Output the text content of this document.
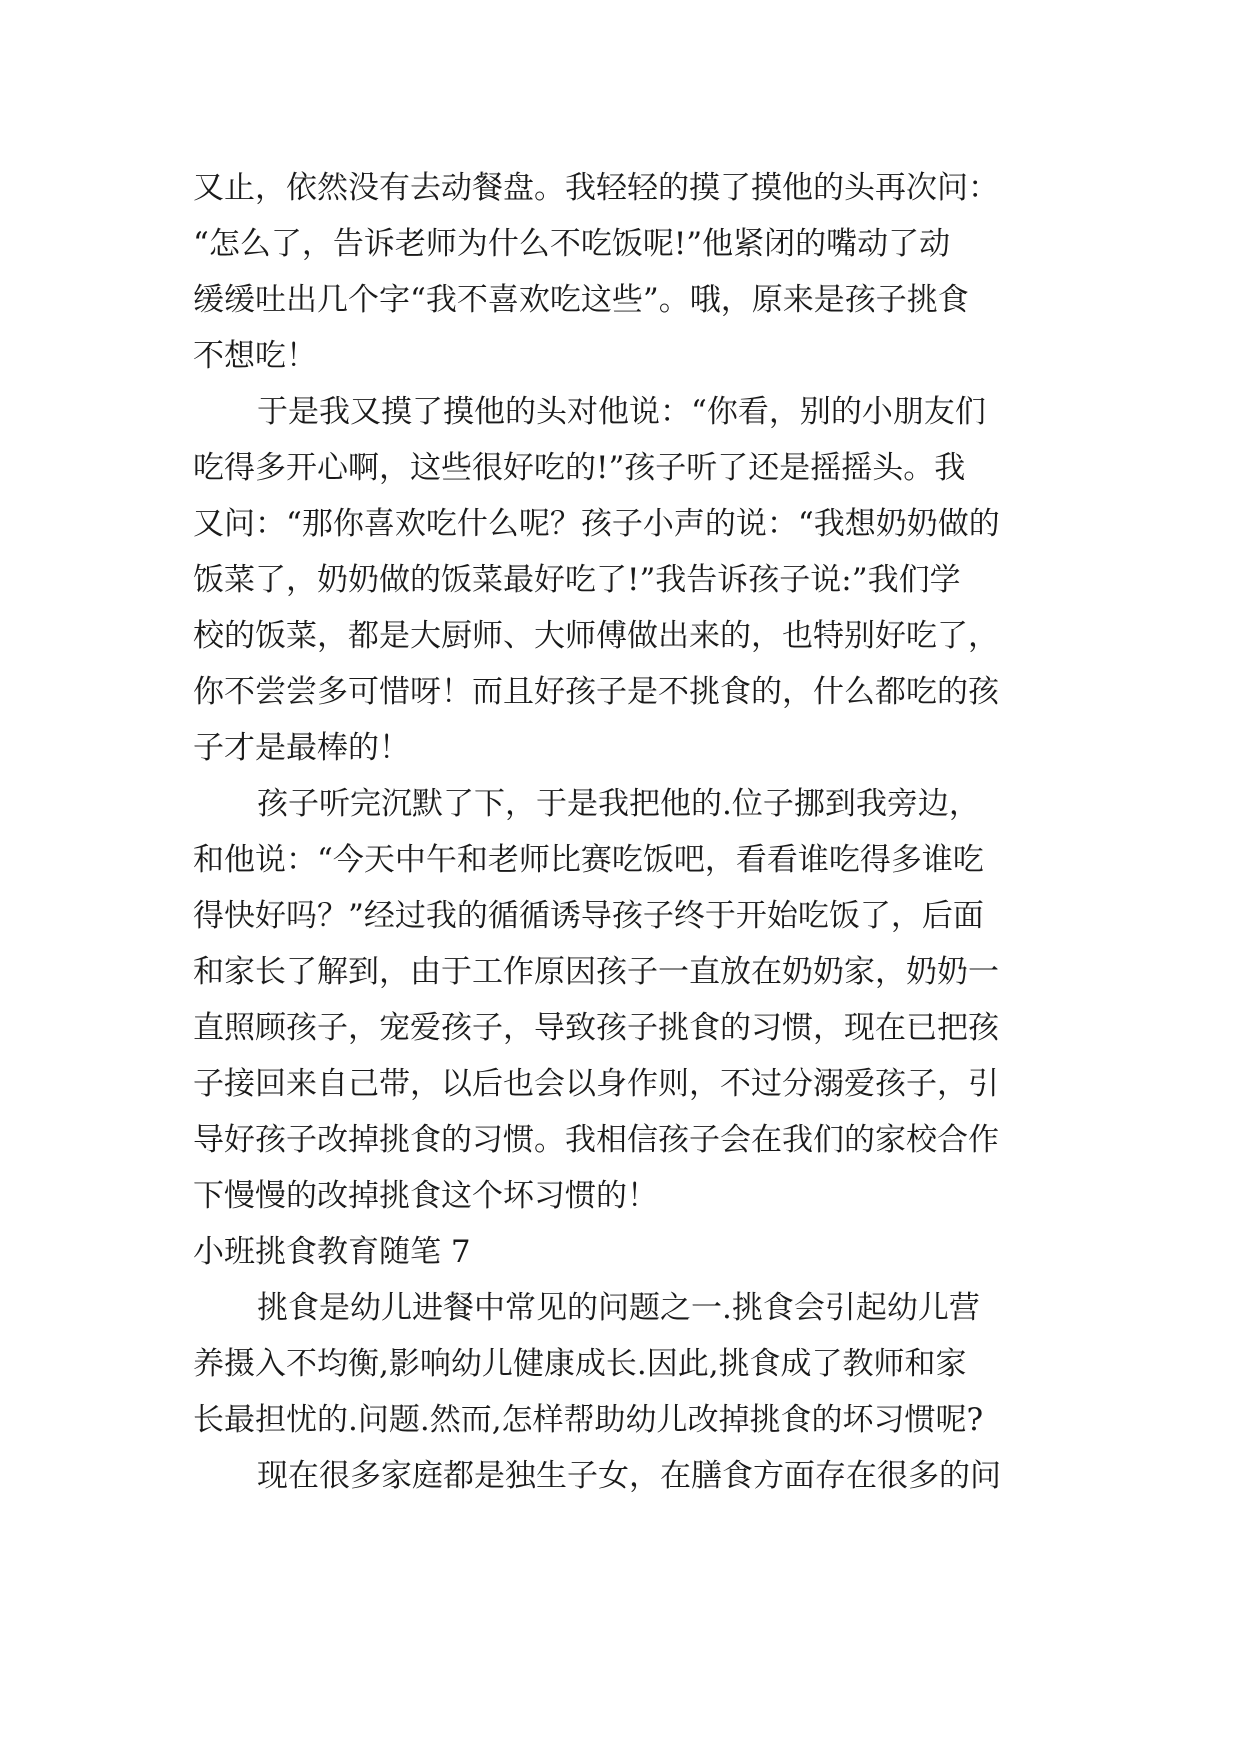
又止，依然没有去动餐盘。我轻轻的摸了摸他的头再次问：
“怎么了，告诉老师为什么不吃饭呢!”他紧闭的嘴动了动
缓缓吐出几个字“我不喜欢吃这些”。哦，原来是孩子挑食
不想吃！
于是我又摸了摸他的头对他说：“你看，别的小朋友们
吃得多开心啊，这些很好吃的!”孩子听了还是摇摇头。我
又问：“那你喜欢吃什么呢？孩子小声的说：“我想奶奶做的
饭菜了，奶奶做的饭菜最好吃了!”我告诉孩子说:”我们学
校的饭菜，都是大厨师、大师傅做出来的，也特别好吃了，
你不尝尝多可惜呀！而且好孩子是不挑食的，什么都吃的孩
子才是最棒的！
孩子听完沉默了下，于是我把他的.位子挪到我旁边，
和他说：“今天中午和老师比赛吃饭吧，看看谁吃得多谁吃
得快好吗？”经过我的循循诱导孩子终于开始吃饭了，后面
和家长了解到，由于工作原因孩子一直放在奶奶家，奶奶一
直照顾孩子，宠爱孩子，导致孩子挑食的习惯，现在已把孩
子接回来自己带，以后也会以身作则，不过分溺爱孩子，引
导好孩子改掉挑食的习惯。我相信孩子会在我们的家校合作
下慢慢的改掉挑食这个坏习惯的！
小班挑食教育随笔 7
挑食是幼儿进餐中常见的问题之一.挑食会引起幼儿营
养摄入不均衡,影响幼儿健康成长.因此,挑食成了教师和家
长最担忧的.问题.然而,怎样帮助幼儿改掉挑食的坏习惯呢?
现在很多家庭都是独生子女，在膳食方面存在很多的问
